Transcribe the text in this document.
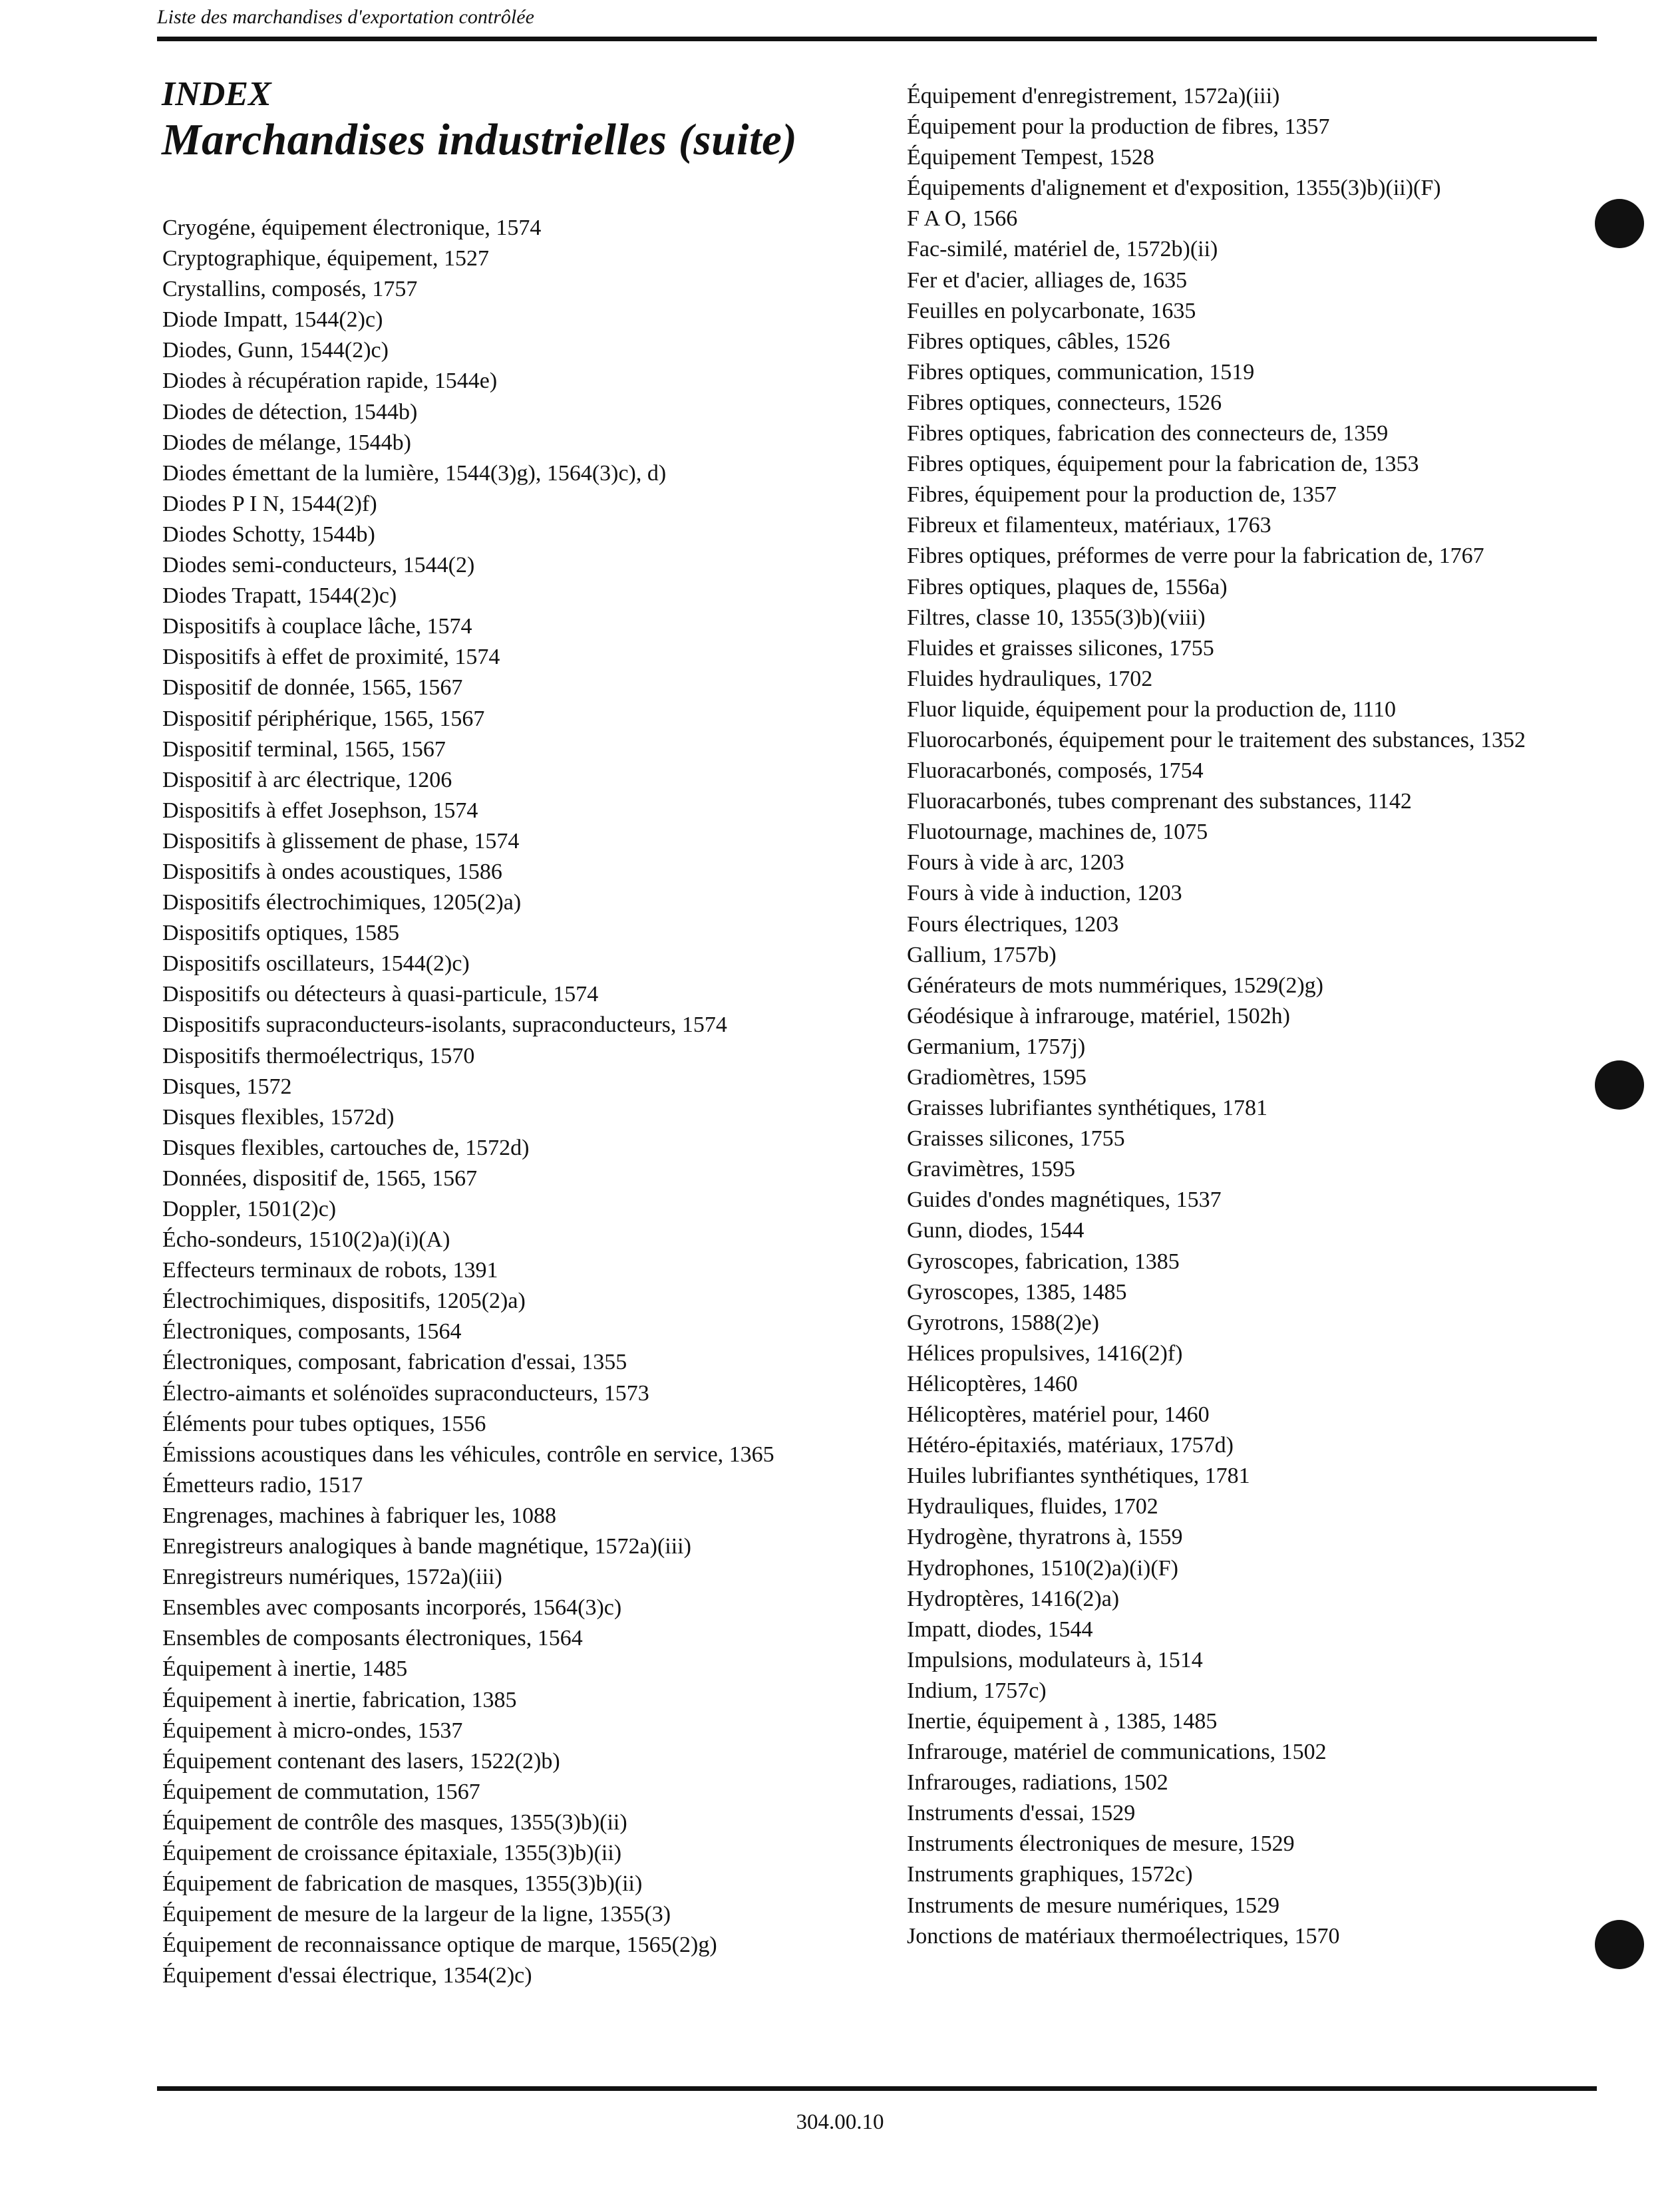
Liste des marchandises d'exportation contrôlée
INDEX
Marchandises industrielles (suite)
Cryogéne, équipement électronique, 1574
Cryptographique, équipement, 1527
Crystallins, composés, 1757
Diode Impatt, 1544(2)c)
Diodes, Gunn, 1544(2)c)
Diodes à récupération rapide, 1544e)
Diodes de détection, 1544b)
Diodes de mélange, 1544b)
Diodes émettant de la lumière, 1544(3)g), 1564(3)c), d)
Diodes P I N, 1544(2)f)
Diodes Schotty, 1544b)
Diodes semi-conducteurs, 1544(2)
Diodes Trapatt, 1544(2)c)
Dispositifs à couplace lâche, 1574
Dispositifs à effet de proximité, 1574
Dispositif de donnée, 1565, 1567
Dispositif périphérique, 1565, 1567
Dispositif terminal, 1565, 1567
Dispositif à arc électrique, 1206
Dispositifs à effet Josephson, 1574
Dispositifs à glissement de phase, 1574
Dispositifs à ondes acoustiques, 1586
Dispositifs électrochimiques, 1205(2)a)
Dispositifs optiques, 1585
Dispositifs oscillateurs, 1544(2)c)
Dispositifs ou détecteurs à quasi-particule, 1574
Dispositifs supraconducteurs-isolants, supraconducteurs, 1574
Dispositifs thermoélectriqus, 1570
Disques, 1572
Disques flexibles, 1572d)
Disques flexibles, cartouches de, 1572d)
Données, dispositif de, 1565, 1567
Doppler, 1501(2)c)
Écho-sondeurs, 1510(2)a)(i)(A)
Effecteurs terminaux de robots, 1391
Électrochimiques, dispositifs, 1205(2)a)
Électroniques, composants, 1564
Électroniques, composant, fabrication d'essai, 1355
Électro-aimants et solénoïdes supraconducteurs, 1573
Éléments pour tubes optiques, 1556
Émissions acoustiques dans les véhicules, contrôle en service, 1365
Émetteurs radio, 1517
Engrenages, machines à fabriquer les, 1088
Enregistreurs analogiques à bande magnétique, 1572a)(iii)
Enregistreurs numériques, 1572a)(iii)
Ensembles avec composants incorporés, 1564(3)c)
Ensembles de composants électroniques, 1564
Équipement à inertie, 1485
Équipement à inertie, fabrication, 1385
Équipement à micro-ondes, 1537
Équipement contenant des lasers, 1522(2)b)
Équipement de commutation, 1567
Équipement de contrôle des masques, 1355(3)b)(ii)
Équipement de croissance épitaxiale, 1355(3)b)(ii)
Équipement de fabrication de masques, 1355(3)b)(ii)
Équipement de mesure de la largeur de la ligne, 1355(3)
Équipement de reconnaissance optique de marque, 1565(2)g)
Équipement d'essai électrique, 1354(2)c)
Équipement d'enregistrement, 1572a)(iii)
Équipement pour la production de fibres, 1357
Équipement Tempest, 1528
Équipements d'alignement et d'exposition, 1355(3)b)(ii)(F)
F A O, 1566
Fac-similé, matériel de, 1572b)(ii)
Fer et d'acier, alliages de, 1635
Feuilles en polycarbonate, 1635
Fibres optiques, câbles, 1526
Fibres optiques, communication, 1519
Fibres optiques, connecteurs, 1526
Fibres optiques, fabrication des connecteurs de, 1359
Fibres optiques, équipement pour la fabrication de, 1353
Fibres, équipement pour la production de, 1357
Fibreux et filamenteux, matériaux, 1763
Fibres optiques, préformes de verre pour la fabrication de, 1767
Fibres optiques, plaques de, 1556a)
Filtres, classe 10, 1355(3)b)(viii)
Fluides et graisses silicones, 1755
Fluides hydrauliques, 1702
Fluor liquide, équipement pour la production de, 1110
Fluorocarbonés, équipement pour le traitement des substances, 1352
Fluoracarbonés, composés, 1754
Fluoracarbonés, tubes comprenant des substances, 1142
Fluotournage, machines de, 1075
Fours à vide à arc, 1203
Fours à vide à induction, 1203
Fours électriques, 1203
Gallium, 1757b)
Générateurs de mots nummériques, 1529(2)g)
Géodésique à infrarouge, matériel, 1502h)
Germanium, 1757j)
Gradiomètres, 1595
Graisses lubrifiantes synthétiques, 1781
Graisses silicones, 1755
Gravimètres, 1595
Guides d'ondes magnétiques, 1537
Gunn, diodes, 1544
Gyroscopes, fabrication, 1385
Gyroscopes, 1385, 1485
Gyrotrons, 1588(2)e)
Hélices propulsives, 1416(2)f)
Hélicoptères, 1460
Hélicoptères, matériel pour, 1460
Hétéro-épitaxiés, matériaux, 1757d)
Huiles lubrifiantes synthétiques, 1781
Hydrauliques, fluides, 1702
Hydrogène, thyratrons à, 1559
Hydrophones, 1510(2)a)(i)(F)
Hydroptères, 1416(2)a)
Impatt, diodes, 1544
Impulsions, modulateurs à, 1514
Indium, 1757c)
Inertie, équipement à , 1385, 1485
Infrarouge, matériel de communications, 1502
Infrarouges, radiations, 1502
Instruments d'essai, 1529
Instruments électroniques de mesure, 1529
Instruments graphiques, 1572c)
Instruments de mesure numériques, 1529
Jonctions de matériaux thermoélectriques, 1570
304.00.10
